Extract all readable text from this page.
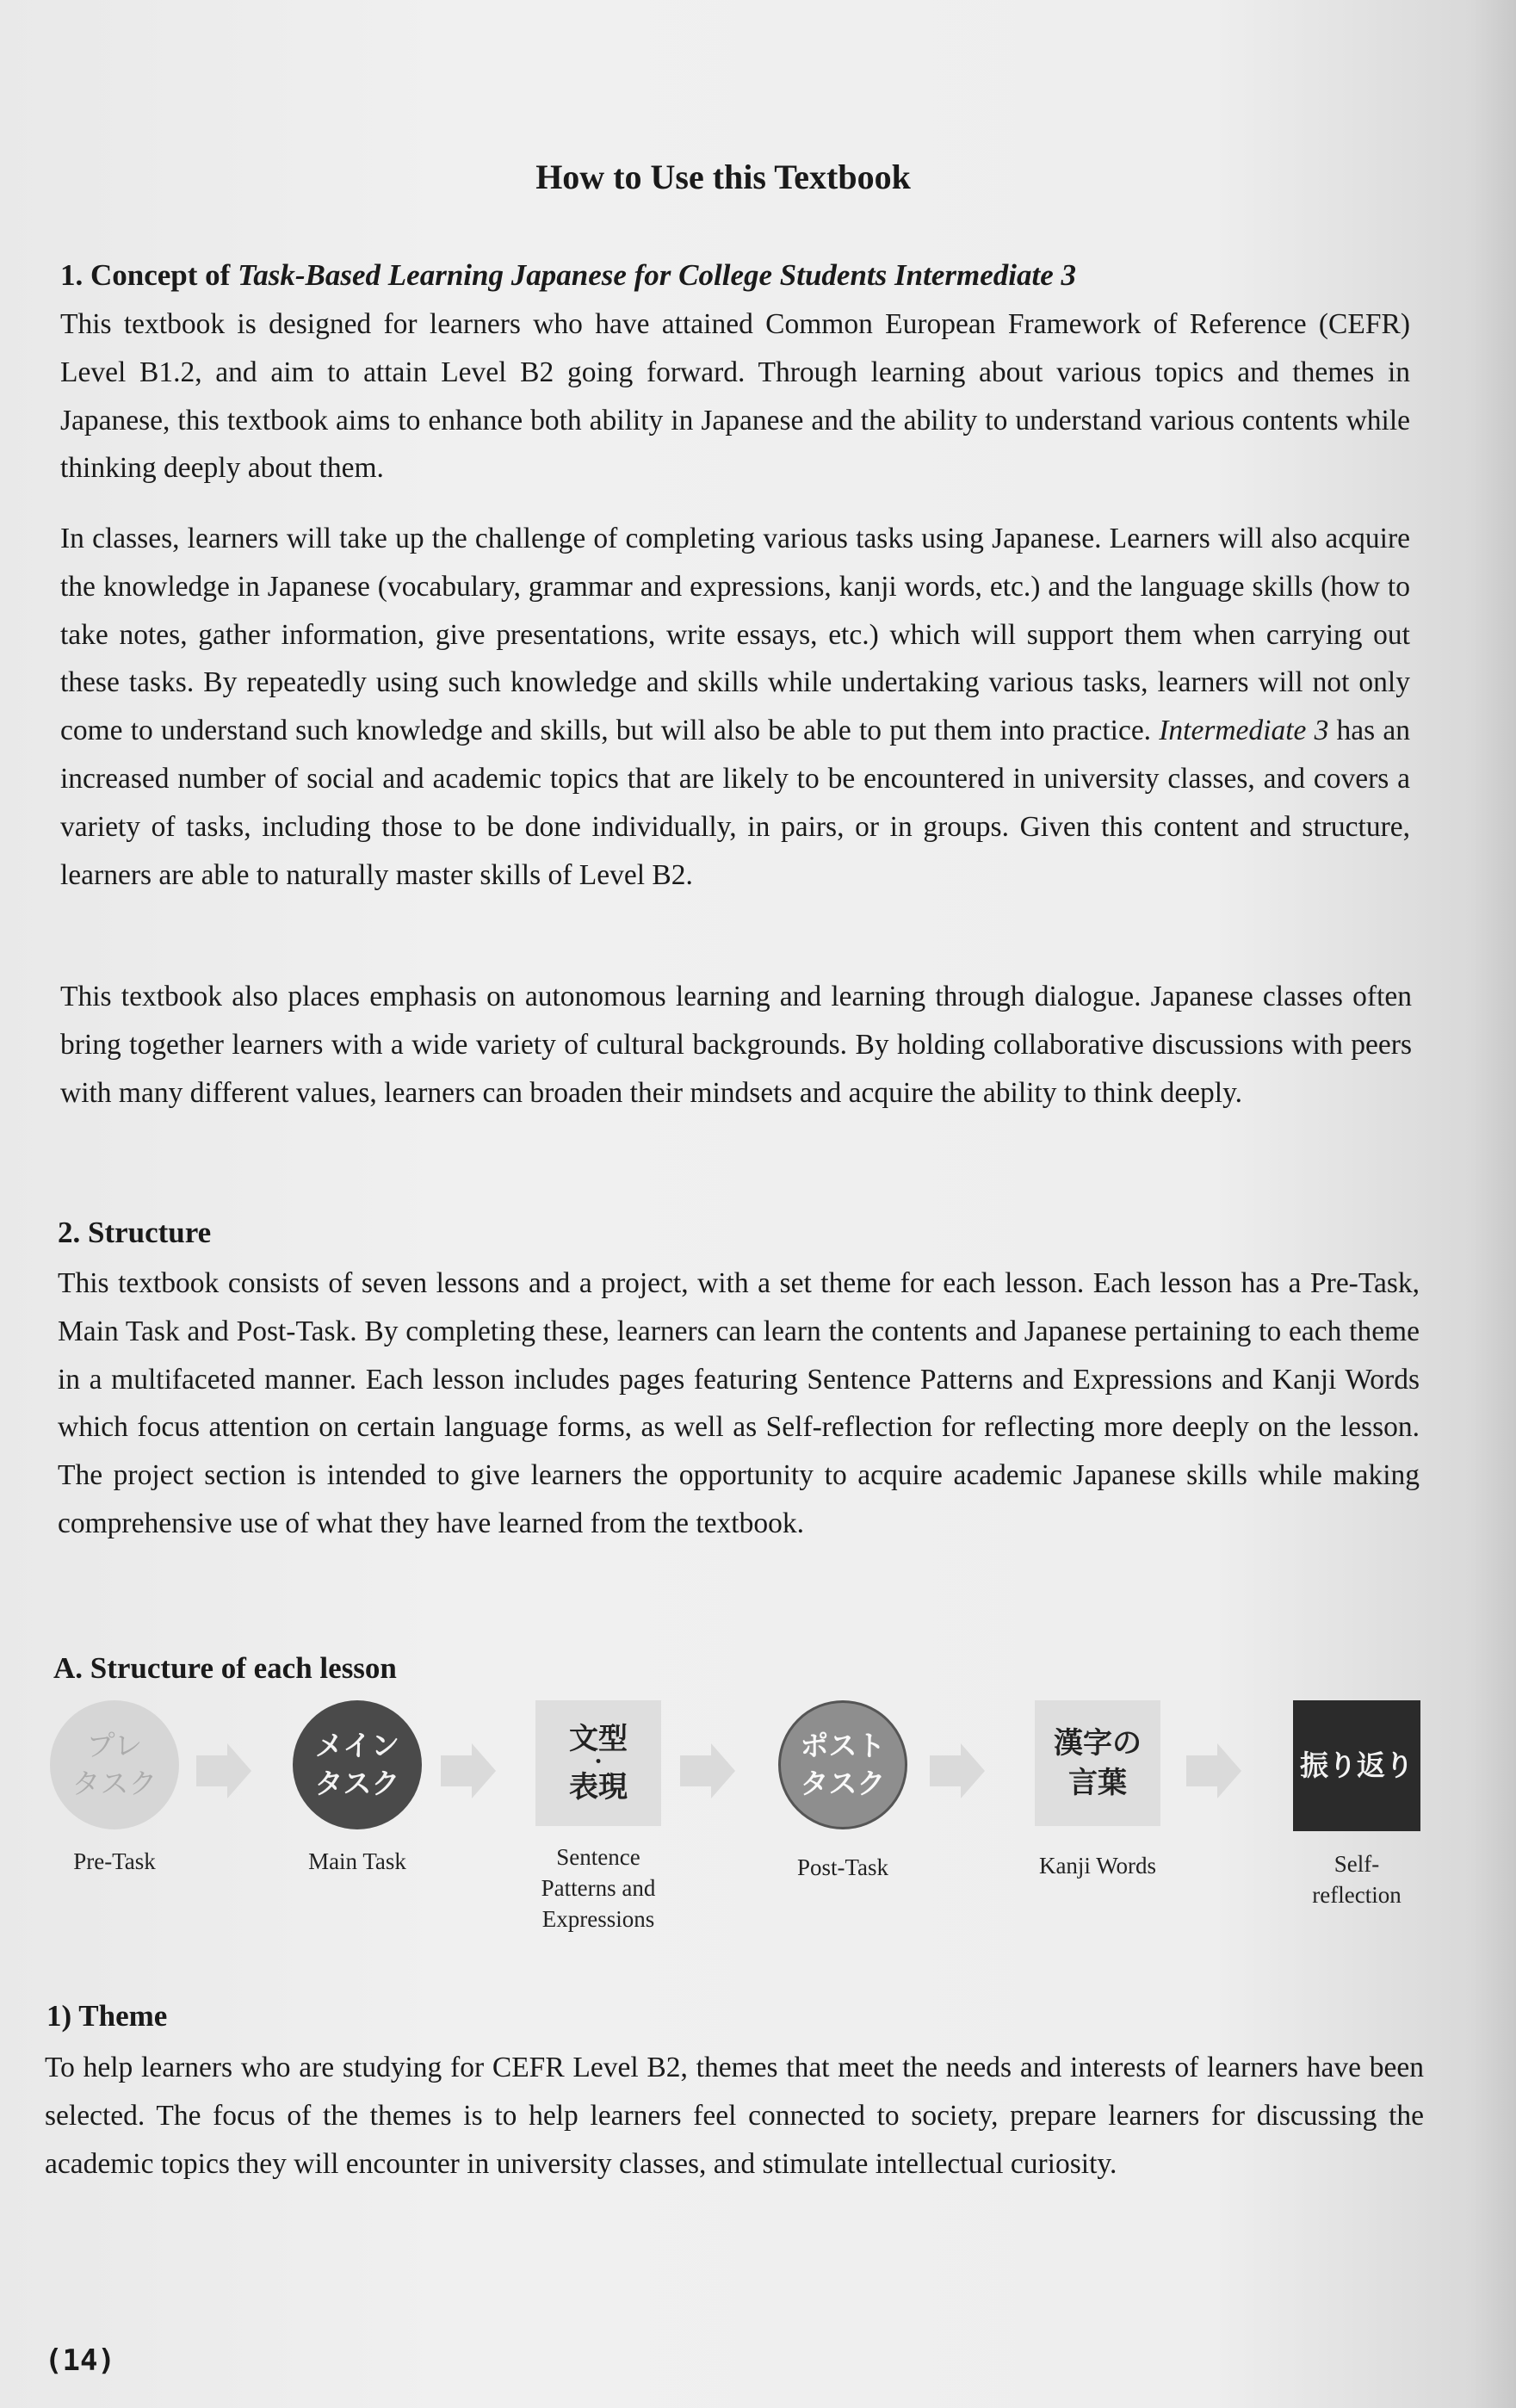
How to Use this Textbook
1. Concept of Task-Based Learning Japanese for College Students Intermediate 3

This textbook is designed for learners who have attained Common European Framework of Reference (CEFR) Level B1.2, and aim to attain Level B2 going forward. Through learning about various topics and themes in Japanese, this textbook aims to enhance both ability in Japanese and the ability to understand various contents while thinking deeply about them.

In classes, learners will take up the challenge of completing various tasks using Japanese. Learners will also acquire the knowledge in Japanese (vocabulary, grammar and expressions, kanji words, etc.) and the language skills (how to take notes, gather information, give presentations, write essays, etc.) which will support them when carrying out these tasks. By repeatedly using such knowledge and skills while undertaking various tasks, learners will not only come to understand such knowledge and skills, but will also be able to put them into practice. Intermediate 3 has an increased number of social and academic topics that are likely to be encountered in university classes, and covers a variety of tasks, including those to be done individually, in pairs, or in groups. Given this content and structure, learners are able to naturally master skills of Level B2.

This textbook also places emphasis on autonomous learning and learning through dialogue. Japanese classes often bring together learners with a wide variety of cultural backgrounds. By holding collaborative discussions with peers with many different values, learners can broaden their mindsets and acquire the ability to think deeply.

2. Structure

This textbook consists of seven lessons and a project, with a set theme for each lesson. Each lesson has a Pre-Task, Main Task and Post-Task. By completing these, learners can learn the contents and Japanese pertaining to each theme in a multifaceted manner. Each lesson includes pages featuring Sentence Patterns and Expressions and Kanji Words which focus attention on certain language forms, as well as Self-reflection for reflecting more deeply on the lesson. The project section is intended to give learners the opportunity to acquire academic Japanese skills while making comprehensive use of what they have learned from the textbook.

A. Structure of each lesson
プレ
タスク
Pre-Task
メイン
タスク
Main Task
文型
・
表現
Sentence
Patterns and
Expressions
ポスト
タスク
Post-Task
漢字の
言葉
Kanji Words
振り返り
Self-
reflection
1) Theme

To help learners who are studying for CEFR Level B2, themes that meet the needs and interests of learners have been selected. The focus of the themes is to help learners feel connected to society, prepare learners for discussing the academic topics they will encounter in university classes, and stimulate intellectual curiosity.

(14)
